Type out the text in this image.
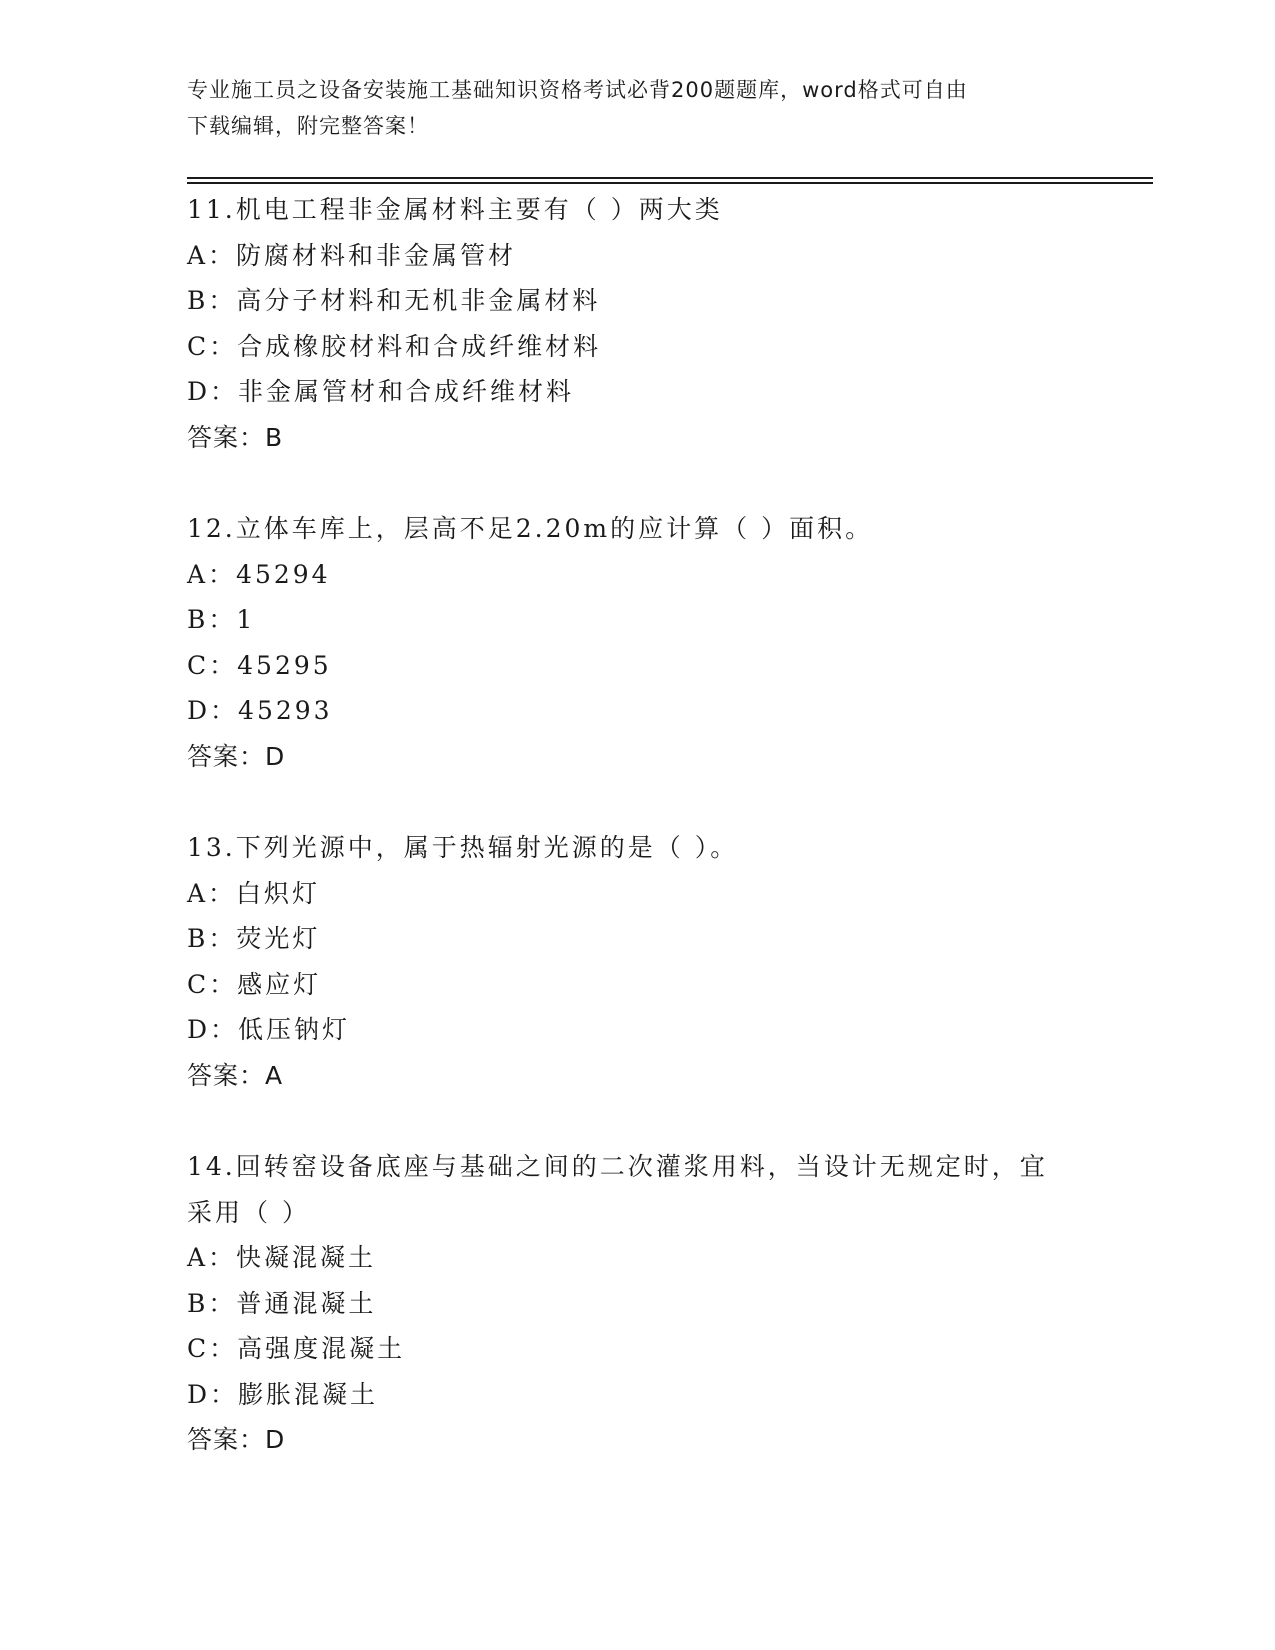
专业施工员之设备安装施工基础知识资格考试必背200题题库，word格式可自由
下载编辑，附完整答案！
11.机电工程非金属材料主要有（ ）两大类
A：防腐材料和非金属管材
B：高分子材料和无机非金属材料
C：合成橡胶材料和合成纤维材料
D：非金属管材和合成纤维材料
答案：B
12.立体车库上，层高不足2.20m的应计算（ ）面积。
A：45294
B：1
C：45295
D：45293
答案：D
13.下列光源中，属于热辐射光源的是（ ）。
A：白炽灯
B：荧光灯
C：感应灯
D：低压钠灯
答案：A
14.回转窑设备底座与基础之间的二次灌浆用料，当设计无规定时，宜
采用（ ）
A：快凝混凝土
B：普通混凝土
C：高强度混凝土
D：膨胀混凝土
答案：D
